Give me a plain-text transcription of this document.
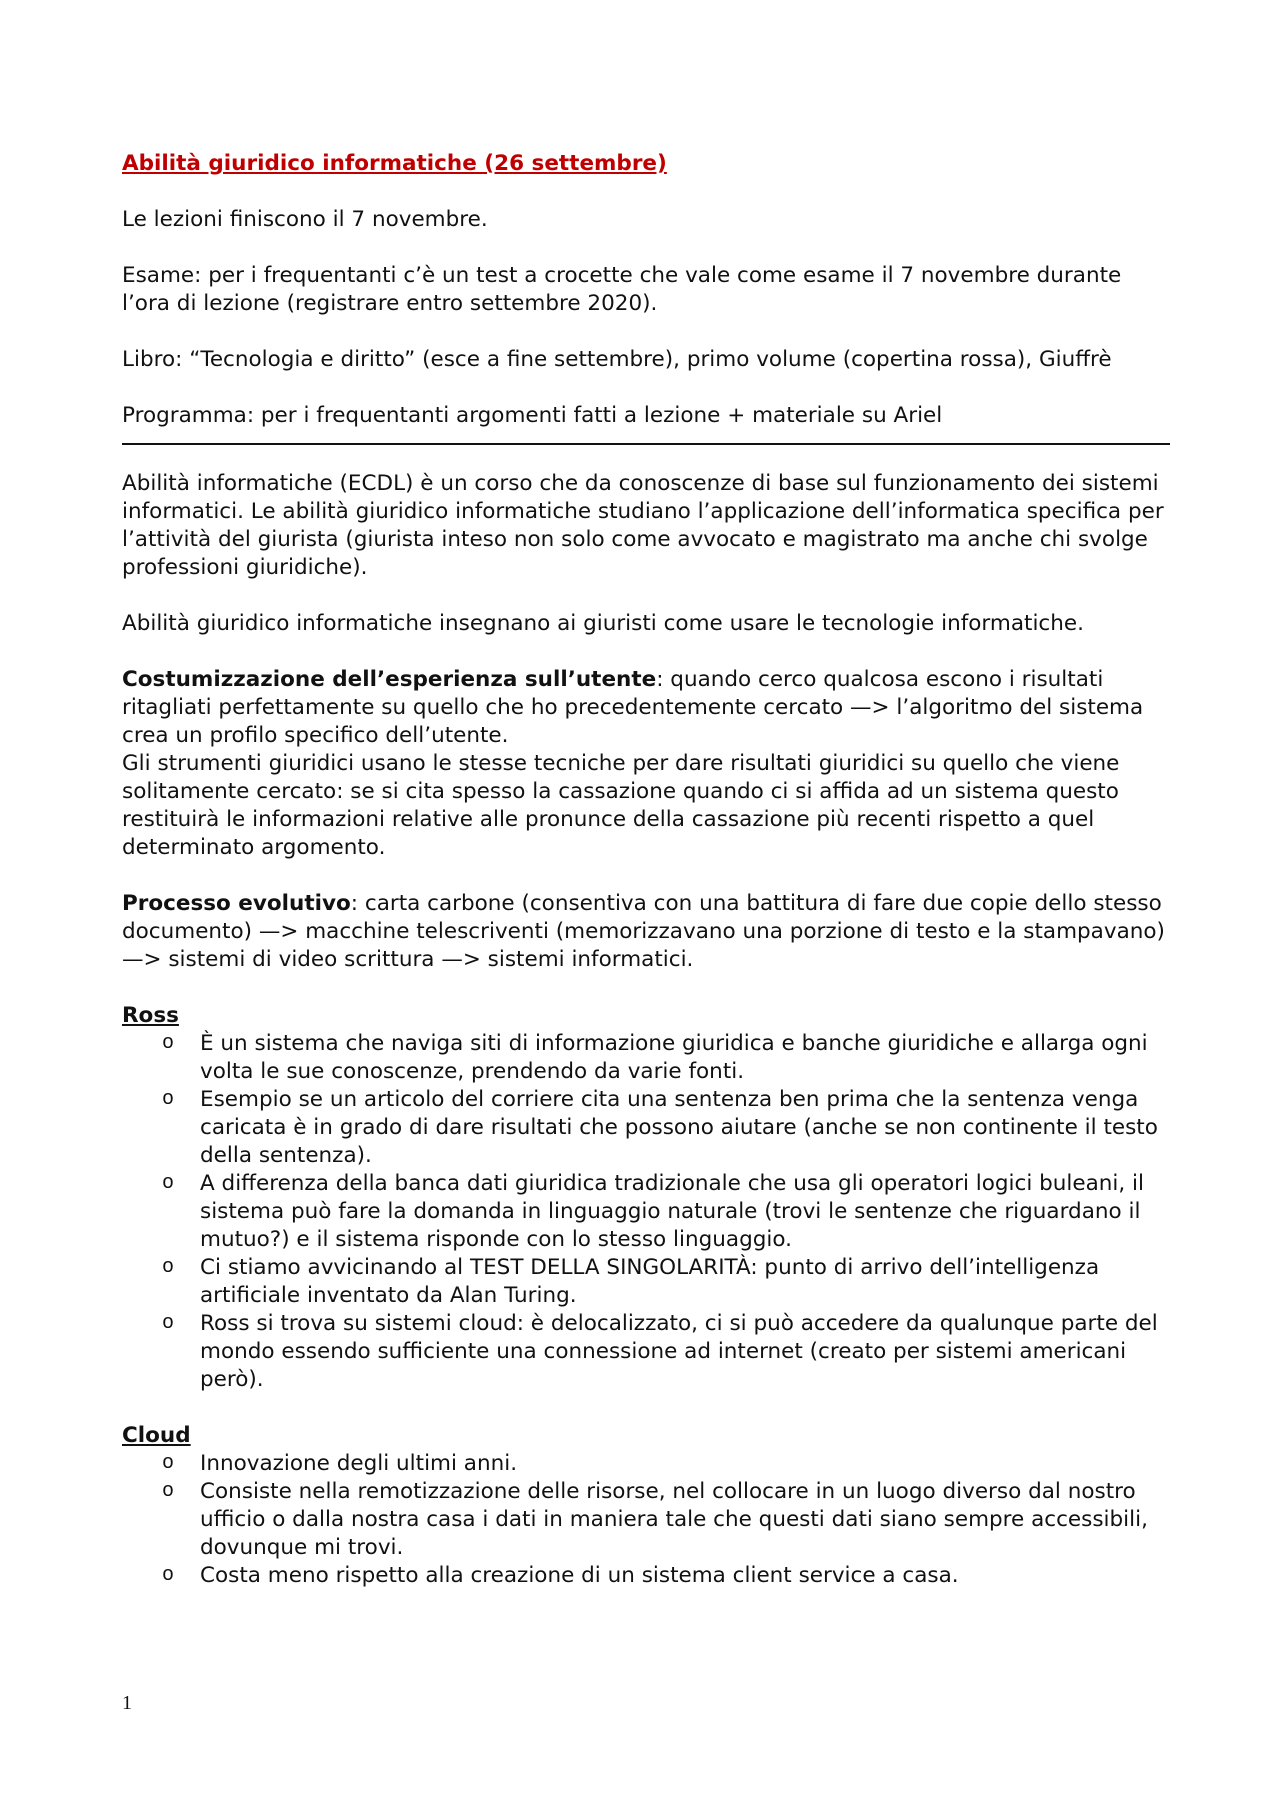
Abilità giuridico informatiche (26 settembre)

Le lezioni finiscono il 7 novembre.

Esame: per i frequentanti c’è un test a crocette che vale come esame il 7 novembre durante l’ora di lezione (registrare entro settembre 2020).

Libro: “Tecnologia e diritto” (esce a fine settembre), primo volume (copertina rossa), Giuffrè

Programma: per i frequentanti argomenti fatti a lezione + materiale su Ariel

Abilità informatiche (ECDL) è un corso che da conoscenze di base sul funzionamento dei sistemi informatici. Le abilità giuridico informatiche studiano l’applicazione dell’informatica specifica per l’attività del giurista (giurista inteso non solo come avvocato e magistrato ma anche chi svolge professioni giuridiche).

Abilità giuridico informatiche insegnano ai giuristi come usare le tecnologie informatiche.

Costumizzazione dell’esperienza sull’utente: quando cerco qualcosa escono i risultati ritagliati perfettamente su quello che ho precedentemente cercato —> l’algoritmo del sistema crea un profilo specifico dell’utente.

Gli strumenti giuridici usano le stesse tecniche per dare risultati giuridici su quello che viene solitamente cercato: se si cita spesso la cassazione quando ci si affida ad un sistema questo restituirà le informazioni relative alle pronunce della cassazione più recenti rispetto a quel determinato argomento.

Processo evolutivo: carta carbone (consentiva con una battitura di fare due copie dello stesso documento) —> macchine telescriventi (memorizzavano una porzione di testo e la stampavano) —> sistemi di video scrittura —> sistemi informatici.

Ross
o È un sistema che naviga siti di informazione giuridica e banche giuridiche e allarga ogni volta le sue conoscenze, prendendo da varie fonti.
o Esempio se un articolo del corriere cita una sentenza ben prima che la sentenza venga caricata è in grado di dare risultati che possono aiutare (anche se non continente il testo della sentenza).
o A differenza della banca dati giuridica tradizionale che usa gli operatori logici buleani, il sistema può fare la domanda in linguaggio naturale (trovi le sentenze che riguardano il mutuo?) e il sistema risponde con lo stesso linguaggio.
o Ci stiamo avvicinando al TEST DELLA SINGOLARITÀ: punto di arrivo dell’intelligenza artificiale inventato da Alan Turing.
o Ross si trova su sistemi cloud: è delocalizzato, ci si può accedere da qualunque parte del mondo essendo sufficiente una connessione ad internet (creato per sistemi americani però).
Cloud
o Innovazione degli ultimi anni.
o Consiste nella remotizzazione delle risorse, nel collocare in un luogo diverso dal nostro ufficio o dalla nostra casa i dati in maniera tale che questi dati siano sempre accessibili, dovunque mi trovi.
o Costa meno rispetto alla creazione di un sistema client service a casa.
1
